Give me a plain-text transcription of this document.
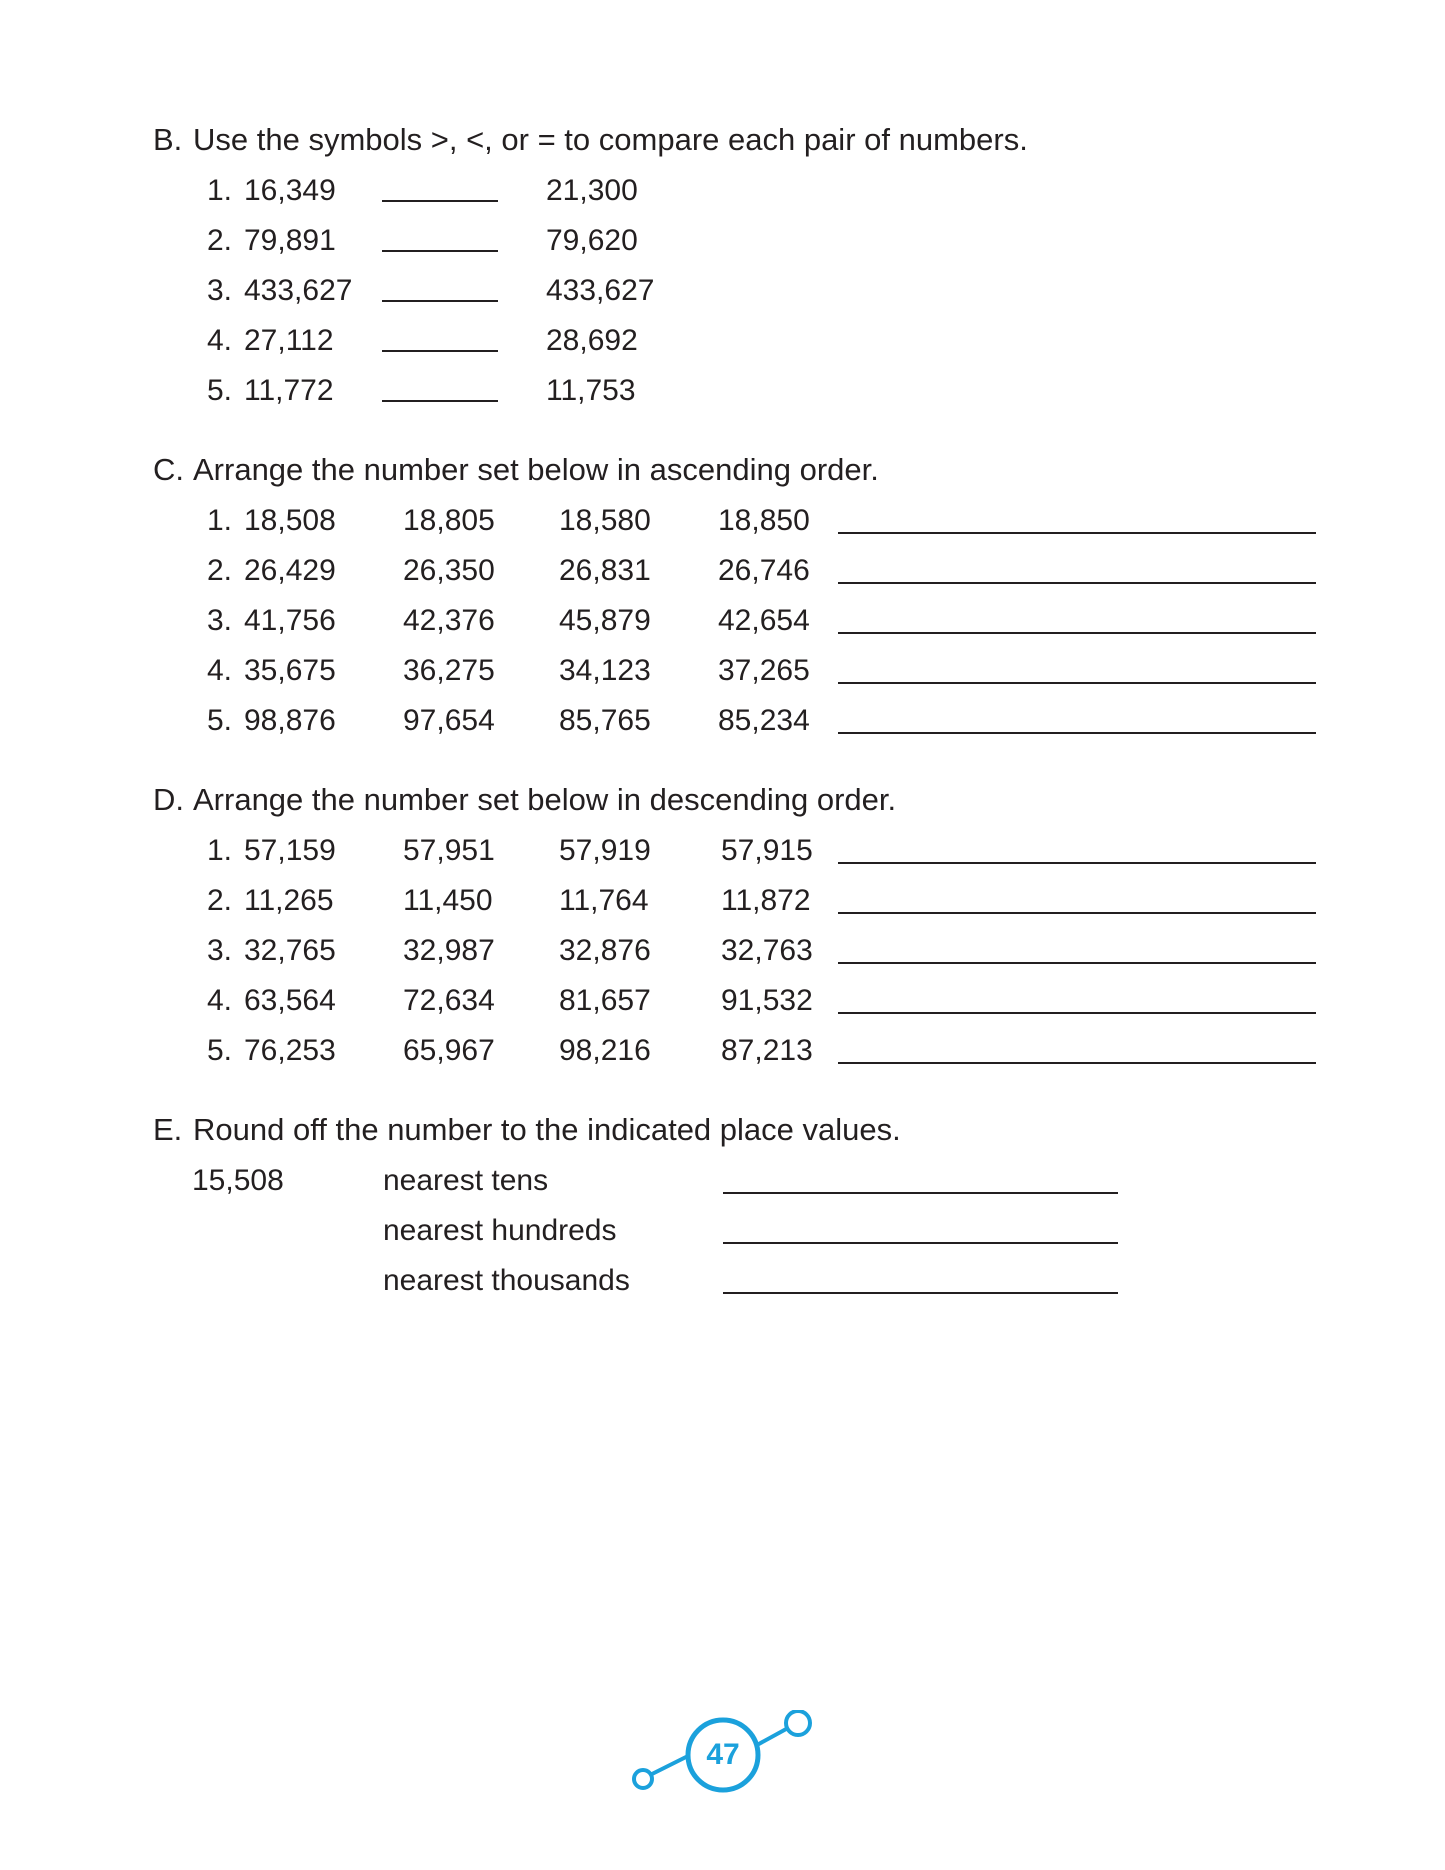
B. Use the symbols >, <, or = to compare each pair of numbers.
1. 16,349	21,300
2. 79,891	79,620
3. 433,627	433,627
4. 27,112	28,692
5. 11,772	11,753
C. Arrange the number set below in ascending order.
1. 18,508 18,805 18,580 18,850
2. 26,429 26,350 26,831 26,746
3. 41,756 42,376 45,879 42,654
4. 35,675 36,275 34,123 37,265
5. 98,876 97,654 85,765 85,234
D. Arrange the number set below in descending order.
1. 57,159 57,951 57,919 57,915
2. 11,265 11,450 11,764 11,872
3. 32,765 32,987 32,876 32,763
4. 63,564 72,634 81,657 91,532
5. 76,253 65,967 98,216 87,213
E. Round off the number to the indicated place values.
15,508	nearest tens
nearest hundreds
nearest thousands
47
